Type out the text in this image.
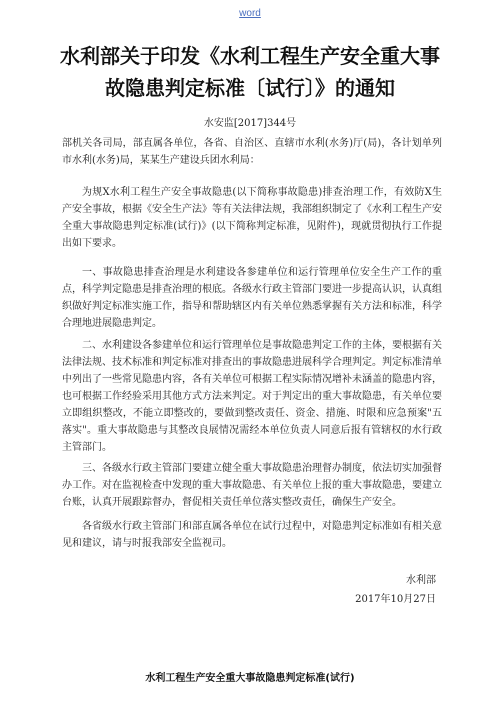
word
水利部关于印发《水利工程生产安全重大事故隐患判定标准〔试行〕》的通知
水安监[2017]344号
部机关各司局，部直属各单位，各省、自治区、直辖市水利(水务)厅(局)，各计划单列市水利(水务)局，某某生产建设兵团水利局：
为规X水利工程生产安全事故隐患(以下简称事故隐患)排查治理工作，有效防X生产安全事故，根据《安全生产法》等有关法律法规，我部组织制定了《水利工程生产安全重大事故隐患判定标准(试行)》(以下简称判定标准，见附件)，现就贯彻执行工作提出如下要求。
一、事故隐患排查治理是水利建设各参建单位和运行管理单位安全生产工作的重点，科学判定隐患是排查治理的根底。各级水行政主管部门要进一步提高认识，认真组织做好判定标准实施工作，指导和帮助辖区内有关单位熟悉掌握有关方法和标准，科学合理地进展隐患判定。
二、水利建设各参建单位和运行管理单位是事故隐患判定工作的主体，要根据有关法律法规、技术标准和判定标准对排查出的事故隐患进展科学合理判定。判定标准清单中列出了一些常见隐患内容，各有关单位可根据工程实际情况增补未涵盖的隐患内容，也可根据工作经验采用其他方式方法来判定。对于判定出的重大事故隐患，有关单位要立即组织整改，不能立即整改的，要做到整改责任、资金、措施、时限和应急预案"五落实"。重大事故隐患与其整改良展情况需经本单位负责人同意后报有管辖权的水行政主管部门。
三、各级水行政主管部门要建立健全重大事故隐患治理督办制度，依法切实加强督办工作。对在监视检查中发现的重大事故隐患、有关单位上报的重大事故隐患，要建立台账，认真开展跟踪督办，督促相关责任单位落实整改责任，确保生产安全。
各省级水行政主管部门和部直属各单位在试行过程中，对隐患判定标准如有相关意见和建议，请与时报我部安全监视司。
水利部
2017年10月27日
水利工程生产安全重大事故隐患判定标准(试行)
